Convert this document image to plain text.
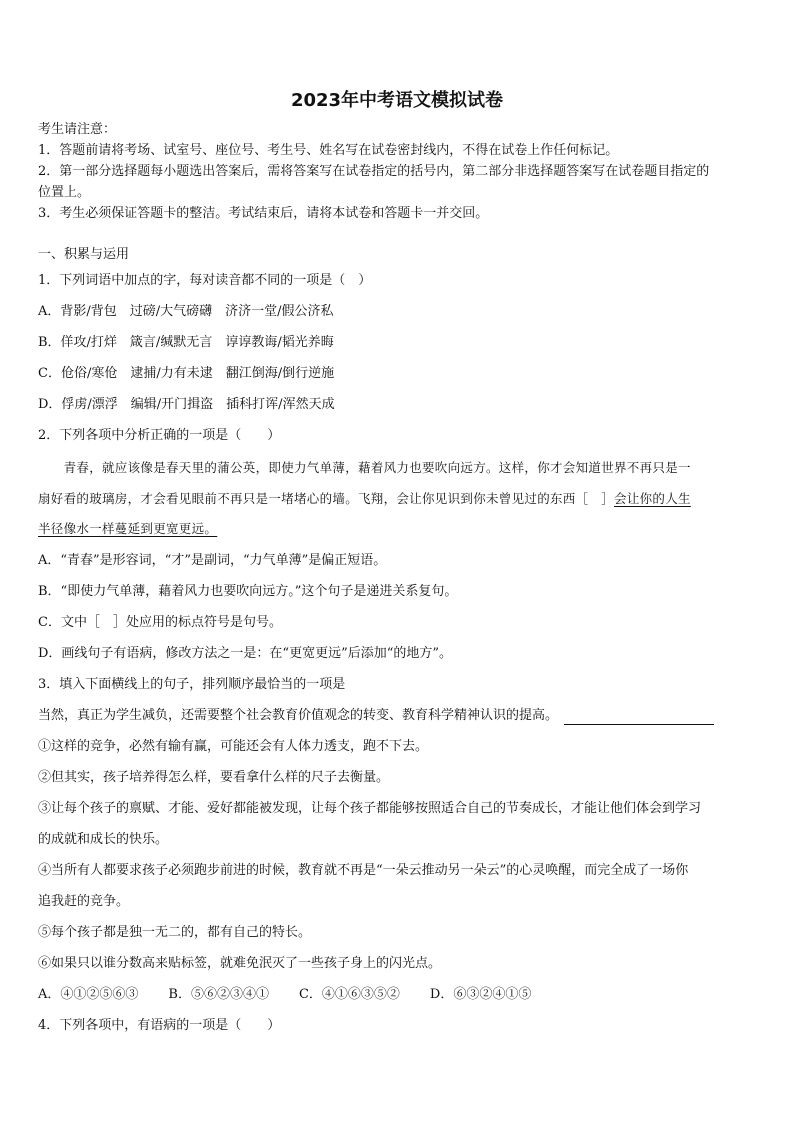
2023年中考语文模拟试卷
考生请注意：
1．答题前请将考场、试室号、座位号、考生号、姓名写在试卷密封线内，不得在试卷上作任何标记。
2．第一部分选择题每小题选出答案后，需将答案写在试卷指定的括号内，第二部分非选择题答案写在试卷题目指定的
位置上。
3．考生必须保证答题卡的整洁。考试结束后，请将本试卷和答题卡一并交回。
一、积累与运用
1．下列词语中加点的字，每对读音都不同的一项是（　）
A．背影/背包　过磅/大气磅礴　济济一堂/假公济私
B．佯攻/打烊　箴言/缄默无言　谆谆教诲/韬光养晦
C．伧俗/寒伧　逮捕/力有未逮　翻江倒海/倒行逆施
D．俘虏/漂浮　编辑/开门揖盗　插科打诨/浑然天成
2．下列各项中分析正确的一项是（　　）
　　青春，就应该像是春天里的蒲公英，即使力气单薄，藉着风力也要吹向远方。这样，你才会知道世界不再只是一
扇好看的玻璃房，才会看见眼前不再只是一堵堵心的墙。飞翔，会让你见识到你未曾见过的东西［　］会让你的人生
半径像水一样蔓延到更宽更远。
A．“青春”是形容词，“才”是副词，“力气单薄”是偏正短语。
B．“即使力气单薄，藉着风力也要吹向远方。”这个句子是递进关系复句。
C．文中［　］处应用的标点符号是句号。
D．画线句子有语病，修改方法之一是：在“更宽更远”后添加“的地方”。
3．填入下面横线上的句子，排列顺序最恰当的一项是
当然，真正为学生减负，还需要整个社会教育价值观念的转变、教育科学精神认识的提高。
①这样的竞争，必然有输有赢，可能还会有人体力透支，跑不下去。
②但其实，孩子培养得怎么样，要看拿什么样的尺子去衡量。
③让每个孩子的禀赋、才能、爱好都能被发现，让每个孩子都能够按照适合自己的节奏成长，才能让他们体会到学习
的成就和成长的快乐。
④当所有人都要求孩子必须跑步前进的时候，教育就不再是“一朵云推动另一朵云”的心灵唤醒，而完全成了一场你
追我赶的竞争。
⑤每个孩子都是独一无二的，都有自己的特长。
⑥如果只以谁分数高来贴标签，就难免泯灭了一些孩子身上的闪光点。
A．④①②⑤⑥③ B．⑤⑥②③④① C．④①⑥③⑤② D．⑥③②④①⑤
4．下列各项中，有语病的一项是（　　）
